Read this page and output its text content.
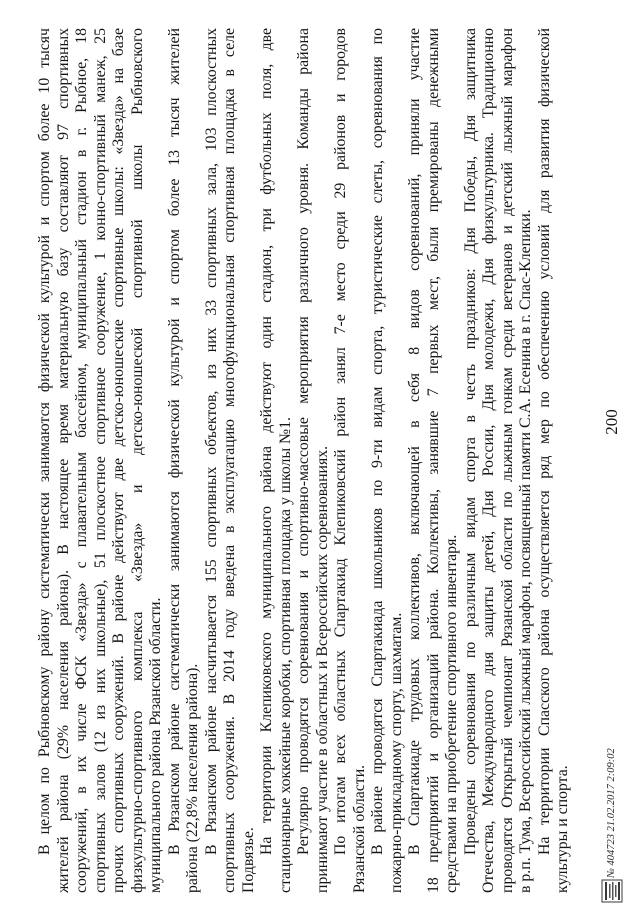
200
В целом по Рыбновскому району систематически занимаются физической культурой и спортом более 10 тысяч жителей района (29% населения района). В настоящее время материальную базу составляют 97 спортивных сооружений, в их числе ФСК «Звезда» с плавательным бассейном, муниципальный стадион в г. Рыбное, 18 спортивных залов (12 из них школьные), 51 плоскостное спортивное сооружение, 1 конно-спортивный манеж, 25 прочих спортивных сооружений. В районе действуют две детско-юношеские спортивные школы: «Звезда» на базе физкультурно-спортивного комплекса «Звезда» и детско-юношеской спортивной школы Рыбновского муниципального района Рязанской области. В Рязанском районе систематически занимаются физической культурой и спортом более 13 тысяч жителей района (22,8% населения района). В Рязанском районе насчитывается 155 спортивных объектов, из них 33 спортивных зала, 103 плоскостных спортивных сооружения. В 2014 году введена в эксплуатацию многофункциональная спортивная площадка в селе Подвязье.
На территории Клепиковского муниципального района действуют один стадион, три футбольных поля, две стационарные хоккейные коробки, спортивная площадка у школы №1. Регулярно проводятся соревнования и спортивно-массовые мероприятия различного уровня. Команды района принимают участие в областных и Всероссийских соревнованиях. По итогам всех областных Спартакиад Клепиковский район занял 7-е место среди 29 районов и городов Рязанской области. В районе проводятся Спартакиада школьников по 9-ти видам спорта, туристические слеты, соревнования по пожарно-прикладному спорту, шахматам. В Спартакиаде трудовых коллективов, включающей в себя 8 видов соревнований, приняли участие 18 предприятий и организаций района. Коллективы, занявшие 7 первых мест, были премированы денежными средствами на приобретение спортивного инвентаря. Проведены соревнования по различным видам спорта в честь праздников: Дня Победы, Дня защитника Отечества, Международного дня защиты детей, Дня России, Дня молодежи, Дня физкультурника. Традиционно проводятся Открытый чемпионат Рязанской области по лыжным гонкам среди ветеранов и детский лыжный марафон в р.п. Тума, Всероссийский лыжный марафон, посвященный памяти С.А. Есенина в г. Спас-Клепики. На территории Спасского района осуществляется ряд мер по обеспечению условий для развития физической культуры и спорта.	№ 404723 21.02.2017 2:09:02
